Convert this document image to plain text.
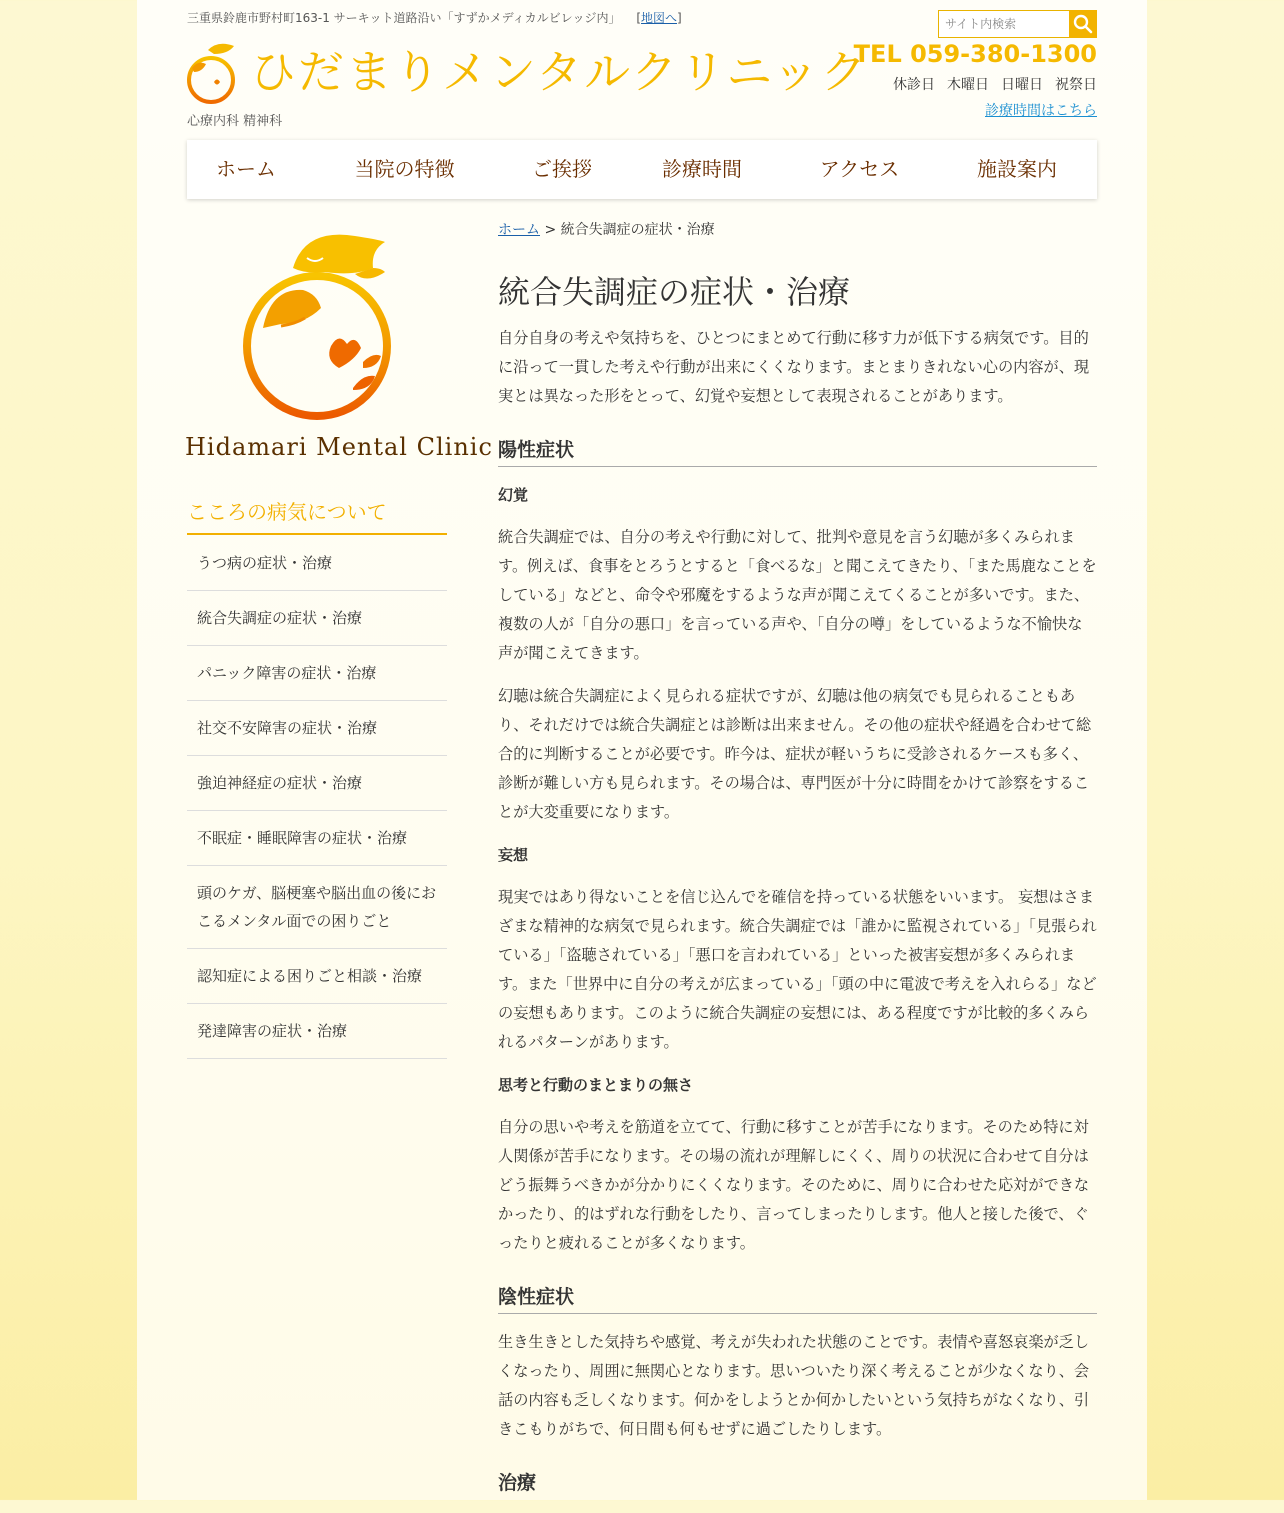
三重県鈴鹿市野村町163-1 サーキット道路沿い「すずかメディカルビレッジ内」 　[地図へ]
サイト内検索
ひだまりメンタルクリニック
心療内科 精神科
TEL 059-380-1300
休診日 木曜日 日曜日 祝祭日
診療時間はこちら
ホーム	当院の特徴	ご挨拶	診療時間	アクセス	施設案内
Hidamari Mental Clinic
こころの病気について
うつ病の症状・治療
統合失調症の症状・治療
パニック障害の症状・治療
社交不安障害の症状・治療
強迫神経症の症状・治療
不眠症・睡眠障害の症状・治療
頭のケガ、脳梗塞や脳出血の後におこるメンタル面での困りごと
認知症による困りごと相談・治療
発達障害の症状・治療
ホーム > 統合失調症の症状・治療
統合失調症の症状・治療

自分自身の考えや気持ちを、ひとつにまとめて行動に移す力が低下する病気です。目的に沿って一貫した考えや行動が出来にくくなります。まとまりきれない心の内容が、現実とは異なった形をとって、幻覚や妄想として表現されることがあります。

陽性症状
幻覚

統合失調症では、自分の考えや行動に対して、批判や意見を言う幻聴が多くみられます。例えば、食事をとろうとすると「食べるな」と聞こえてきたり、「また馬鹿なことをしている」などと、命令や邪魔をするような声が聞こえてくることが多いです。また、複数の人が「自分の悪口」を言っている声や、「自分の噂」をしているような不愉快な声が聞こえてきます。

幻聴は統合失調症によく見られる症状ですが、幻聴は他の病気でも見られることもあり、それだけでは統合失調症とは診断は出来ません。その他の症状や経過を合わせて総合的に判断することが必要です。昨今は、症状が軽いうちに受診されるケースも多く、診断が難しい方も見られます。その場合は、専門医が十分に時間をかけて診察をすることが大変重要になります。

妄想

現実ではあり得ないことを信じ込んでを確信を持っている状態をいいます。 妄想はさまざまな精神的な病気で見られます。統合失調症では「誰かに監視されている」「見張られている」「盗聴されている」「悪口を言われている」といった被害妄想が多くみられます。また「世界中に自分の考えが広まっている」「頭の中に電波で考えを入れらる」などの妄想もあります。このように統合失調症の妄想には、ある程度ですが比較的多くみられるパターンがあります。

思考と行動のまとまりの無さ

自分の思いや考えを筋道を立てて、行動に移すことが苦手になります。そのため特に対人関係が苦手になります。その場の流れが理解しにくく、周りの状況に合わせて自分はどう振舞うべきかが分かりにくくなります。そのために、周りに合わせた応対ができなかったり、的はずれな行動をしたり、言ってしまったりします。他人と接した後で、ぐったりと疲れることが多くなります。

陰性症状

生き生きとした気持ちや感覚、考えが失われた状態のことです。表情や喜怒哀楽が乏しくなったり、周囲に無関心となります。思いついたり深く考えることが少なくなり、会話の内容も乏しくなります。何かをしようとか何かしたいという気持ちがなくなり、引きこもりがちで、何日間も何もせずに過ごしたりします。

治療
